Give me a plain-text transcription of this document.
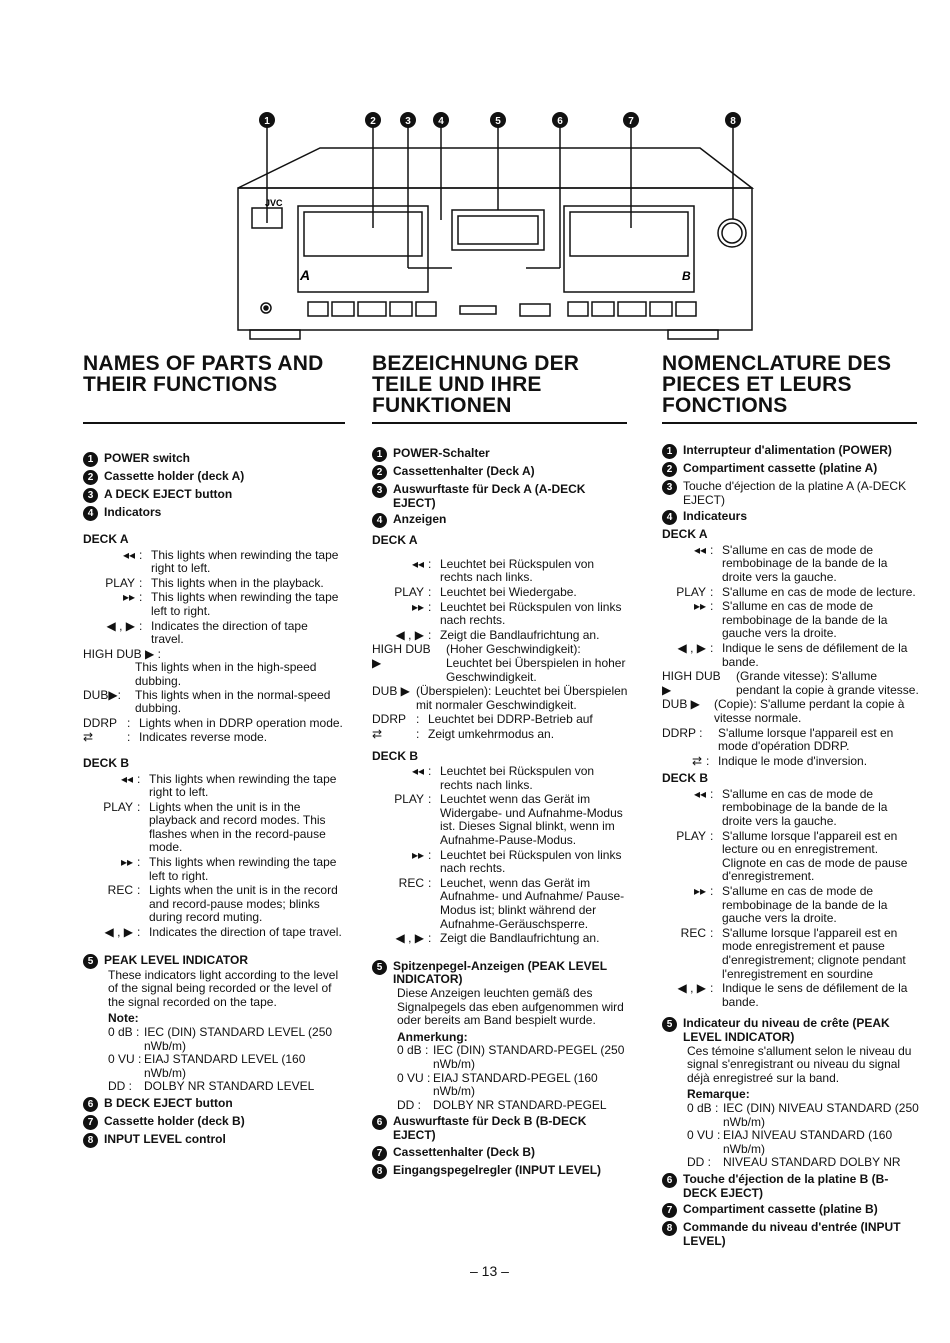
JVC
A	B
1	2	3	4	5	6	7	8
NAMES OF PARTS AND
THEIR FUNCTIONS
BEZEICHNUNG DER
TEILE UND IHRE
FUNKTIONEN
NOMENCLATURE DES
PIECES ET LEURS
FONCTIONS
1 POWER switch
2 Cassette holder (deck A)
3 A DECK EJECT button
4 Indicators
DECK A
◂◂ : This lights when rewinding the tape right to left.
PLAY : This lights when in the playback.
▸▸ : This lights when rewinding the tape left to right.
◀ , ▶ : Indicates the direction of tape travel.
HIGH DUB ▶ :
This lights when in the high-speed dubbing.
DUB▶:	This lights when in the normal-speed dubbing.
DDRP : Lights when in DDRP operation mode.
⇄	: Indicates reverse mode.
DECK B
◂◂ : This lights when rewinding the tape right to left.
PLAY : Lights when the unit is in the playback and record modes. This flashes when in the record-pause mode.
▸▸ : This lights when rewinding the tape left to right.
REC : Lights when the unit is in the record and record-pause modes; blinks during record muting.
◀ , ▶ : Indicates the direction of tape travel.
5 PEAK LEVEL INDICATOR
These indicators light according to the level of the signal being recorded or the level of the signal recorded on the tape.
Note:
0 dB : IEC (DIN) STANDARD LEVEL (250 nWb/m)
0 VU : EIAJ STANDARD LEVEL (160 nWb/m)
DD :	DOLBY NR STANDARD LEVEL
6 B DECK EJECT button
7 Cassette holder (deck B)
8 INPUT LEVEL control
1 POWER-Schalter
2 Cassettenhalter (Deck A)
3 Auswurftaste für Deck A (A-DECK EJECT)
4 Anzeigen
DECK A
◂◂ : Leuchtet bei Rückspulen von rechts nach links.
PLAY : Leuchtet bei Wiedergabe.
▸▸ : Leuchtet bei Rückspulen von links nach rechts.
◀ , ▶ : Zeigt die Bandlaufrichtung an.
HIGH DUB ▶
(Hoher Geschwindigkeit): Leuchtet bei Überspielen in hoher Geschwindigkeit.
DUB ▶ (Überspielen): Leuchtet bei Überspielen mit normaler Geschwindigkeit.
DDRP : Leuchtet bei DDRP-Betrieb auf
⇄	: Zeigt umkehrmodus an.
DECK B
◂◂ : Leuchtet bei Rückspulen von rechts nach links.
PLAY : Leuchtet wenn das Gerät im Widergabe- und Aufnahme-Modus ist. Dieses Signal blinkt, wenn im Aufnahme-Pause-Modus.
▸▸ : Leuchtet bei Rückspulen von links nach rechts.
REC : Leuchet, wenn das Gerät im Aufnahme- und Aufnahme/ Pause-Modus ist; blinkt während der Aufnahme-Geräuschsperre.
◀ , ▶ : Zeigt die Bandlaufrichtung an.
5 Spitzenpegel-Anzeigen (PEAK LEVEL INDICATOR)
Diese Anzeigen leuchten gemäß des Signalpegels das eben aufgenommen wird oder bereits am Band bespielt wurde.
Anmerkung:
0 dB : IEC (DIN) STANDARD-PEGEL (250 nWb/m)
0 VU : EIAJ STANDARD-PEGEL (160 nWb/m)
DD :	DOLBY NR STANDARD-PEGEL
6 Auswurftaste für Deck B (B-DECK EJECT)
7 Cassettenhalter (Deck B)
8 Eingangspegelregler (INPUT LEVEL)
1 Interrupteur d'alimentation (POWER)
2 Compartiment cassette (platine A)
3 Touche d'éjection de la platine A (A-DECK EJECT)
4 Indicateurs
DECK A
◂◂ : S'allume en cas de mode de rembobinage de la bande de la droite vers la gauche.
PLAY : S'allume en cas de mode de lecture.
▸▸ : S'allume en cas de mode de rembobinage de la bande de la gauche vers la droite.
◀ , ▶ : Indique le sens de défilement de la bande.
HIGH DUB ▶
(Grande vitesse): S'allume pendant la copie à grande vitesse.
DUB ▶	(Copie): S'allume perdant la copie à vitesse normale.
DDRP :	S'allume lorsque l'appareil est en mode d'opération DDRP.
⇄ : Indique le mode d'inversion.
DECK B
◂◂ : S'allume en cas de mode de rembobinage de la bande de la droite vers la gauche.
PLAY : S'allume lorsque l'appareil est en lecture ou en enregistrement. Clignote en cas de mode de pause d'enregistrement.
▸▸ : S'allume en cas de mode de rembobinage de la bande de la gauche vers la droite.
REC : S'allume lorsque l'appareil est en mode enregistrement et pause d'enregistrement; clignote pendant l'enregistrement en sourdine
◀ , ▶ : Indique le sens de défilement de la bande.
5 Indicateur du niveau de crête (PEAK LEVEL INDICATOR)
Ces témoine s'allument selon le niveau du signal s'enregistrant ou niveau du signal déjà enregistreé sur la band.
Remarque:
0 dB : IEC (DIN) NIVEAU STANDARD (250 nWb/m)
0 VU : EIAJ NIVEAU STANDARD (160 nWb/m)
DD :	NIVEAU STANDARD DOLBY NR
6 Touche d'éjection de la platine B (B-DECK EJECT)
7 Compartiment cassette (platine B)
8 Commande du niveau d'entrée (INPUT LEVEL)
– 13 –
